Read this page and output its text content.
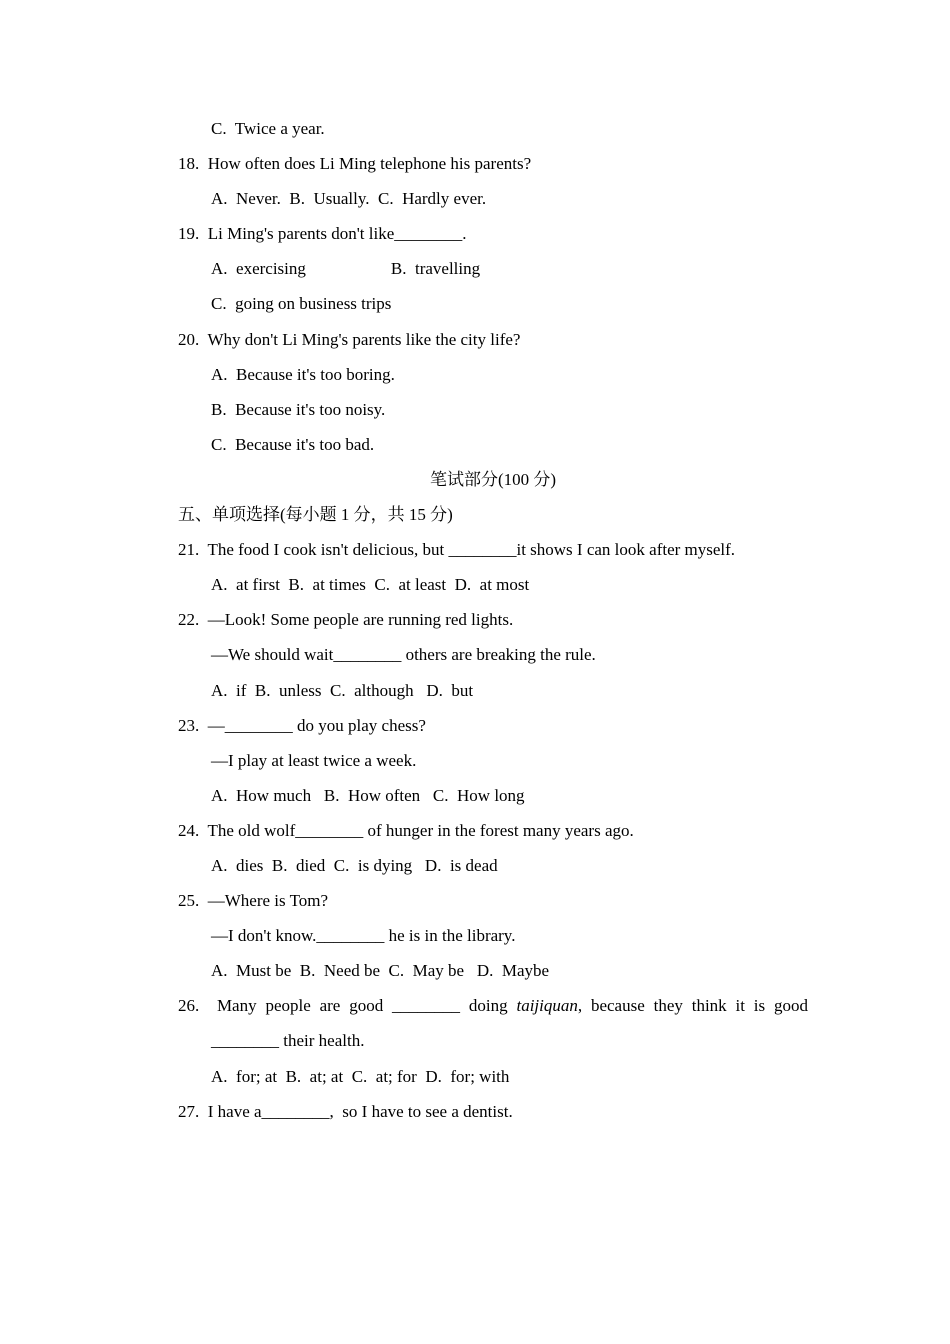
C.  Twice a year.
18.  How often does Li Ming telephone his parents?
A.  Never.  B.  Usually.  C.  Hardly ever.
19.  Li Ming's parents don't like________.
A.  exercising	B.  travelling
C.  going on business trips
20.  Why don't Li Ming's parents like the city life?
A.  Because it's too boring.
B.  Because it's too noisy.
C.  Because it's too bad.
笔试部分(100 分)
五、单项选择(每小题 1 分，共 15 分)
21.  The food I cook isn't delicious, but ________it shows I can look after myself.
A.  at first  B.  at times  C.  at least  D.  at most
22.  —Look! Some people are running red lights.
—We should wait________ others are breaking the rule.
A.  if  B.  unless  C.  although   D.  but
23.  —________ do you play chess?
—I play at least twice a week.
A.  How much   B.  How often   C.  How long
24.  The old wolf________ of hunger in the forest many years ago.
A.  dies  B.  died  C.  is dying   D.  is dead
25.  —Where is Tom?
—I don't know.________ he is in the library.
A.  Must be  B.  Need be  C.  May be   D.  Maybe
26.  Many people are good ________ doing taijiquan, because they think it is good
________ their health.
A.  for; at  B.  at; at  C.  at; for  D.  for; with
27.  I have a________,  so I have to see a dentist.
